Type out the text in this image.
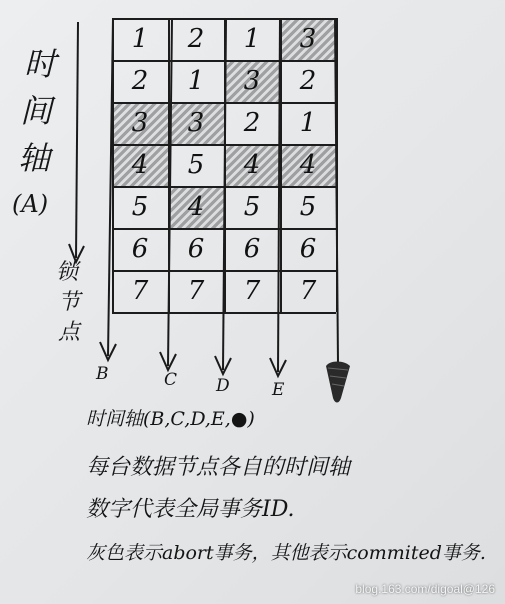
时
间
轴
(A)
锁
节
点
1	2	1	3
2	1	3	2
3	3	2	1
4	5	4	4
5	4	5	5
6	6	6	6
7	7	7	7
B	C D E
时间轴(B,C,D,E,●)
每台数据节点各自的时间轴
数字代表全局事务ID.
灰色表示abort事务，其他表示commited事务.
blog.163.com/digoal@126
